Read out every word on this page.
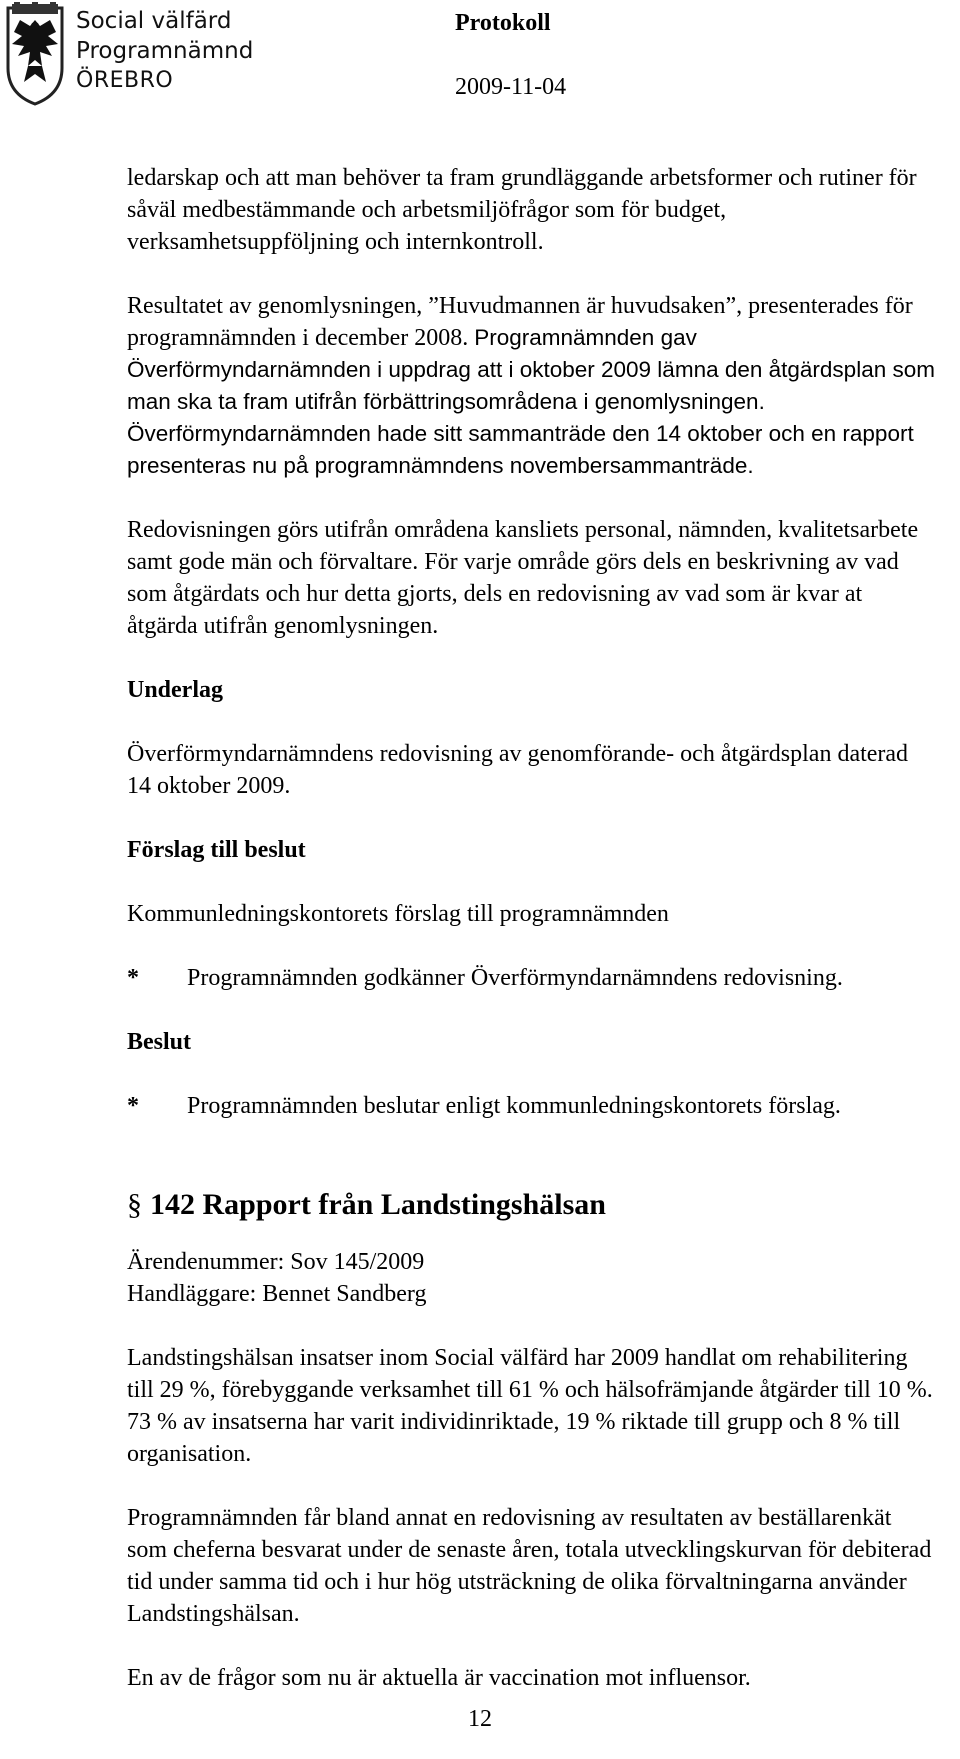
Social välfärd
Programnämnd
ÖREBRO
Protokoll
2009-11-04

ledarskap och att man behöver ta fram grundläggande arbetsformer och rutiner för såväl medbestämmande och arbetsmiljöfrågor som för budget, verksamhetsuppföljning och internkontroll.

Resultatet av genomlysningen, ”Huvudmannen är huvudsaken”, presenterades för programnämnden i december 2008. Programnämnden gav Överförmyndarnämnden i uppdrag att i oktober 2009 lämna den åtgärdsplan som man ska ta fram utifrån förbättringsområdena i genomlysningen. Överförmyndarnämnden hade sitt sammanträde den 14 oktober och en rapport presenteras nu på programnämndens novembersammanträde.

Redovisningen görs utifrån områdena kansliets personal, nämnden, kvalitetsarbete samt gode män och förvaltare. För varje område görs dels en beskrivning av vad som åtgärdats och hur detta gjorts, dels en redovisning av vad som är kvar at åtgärda utifrån genomlysningen.

Underlag

Överförmyndarnämndens redovisning av genomförande- och åtgärdsplan daterad 14 oktober 2009.

Förslag till beslut

Kommunledningskontorets förslag till programnämnden

* Programnämnden godkänner Överförmyndarnämndens redovisning.

Beslut

* Programnämnden beslutar enligt kommunledningskontorets förslag.

§ 142 Rapport från Landstingshälsan

Ärendenummer: Sov 145/2009

Handläggare: Bennet Sandberg

Landstingshälsan insatser inom Social välfärd har 2009 handlat om rehabilitering till 29 %, förebyggande verksamhet till 61 % och hälsofrämjande åtgärder till 10 %. 73 % av insatserna har varit individinriktade, 19 % riktade till grupp och 8 % till organisation.

Programnämnden får bland annat en redovisning av resultaten av beställarenkät som cheferna besvarat under de senaste åren, totala utvecklingskurvan för debiterad tid under samma tid och i hur hög utsträckning de olika förvaltningarna använder Landstingshälsan.

En av de frågor som nu är aktuella är vaccination mot influensor.

12
